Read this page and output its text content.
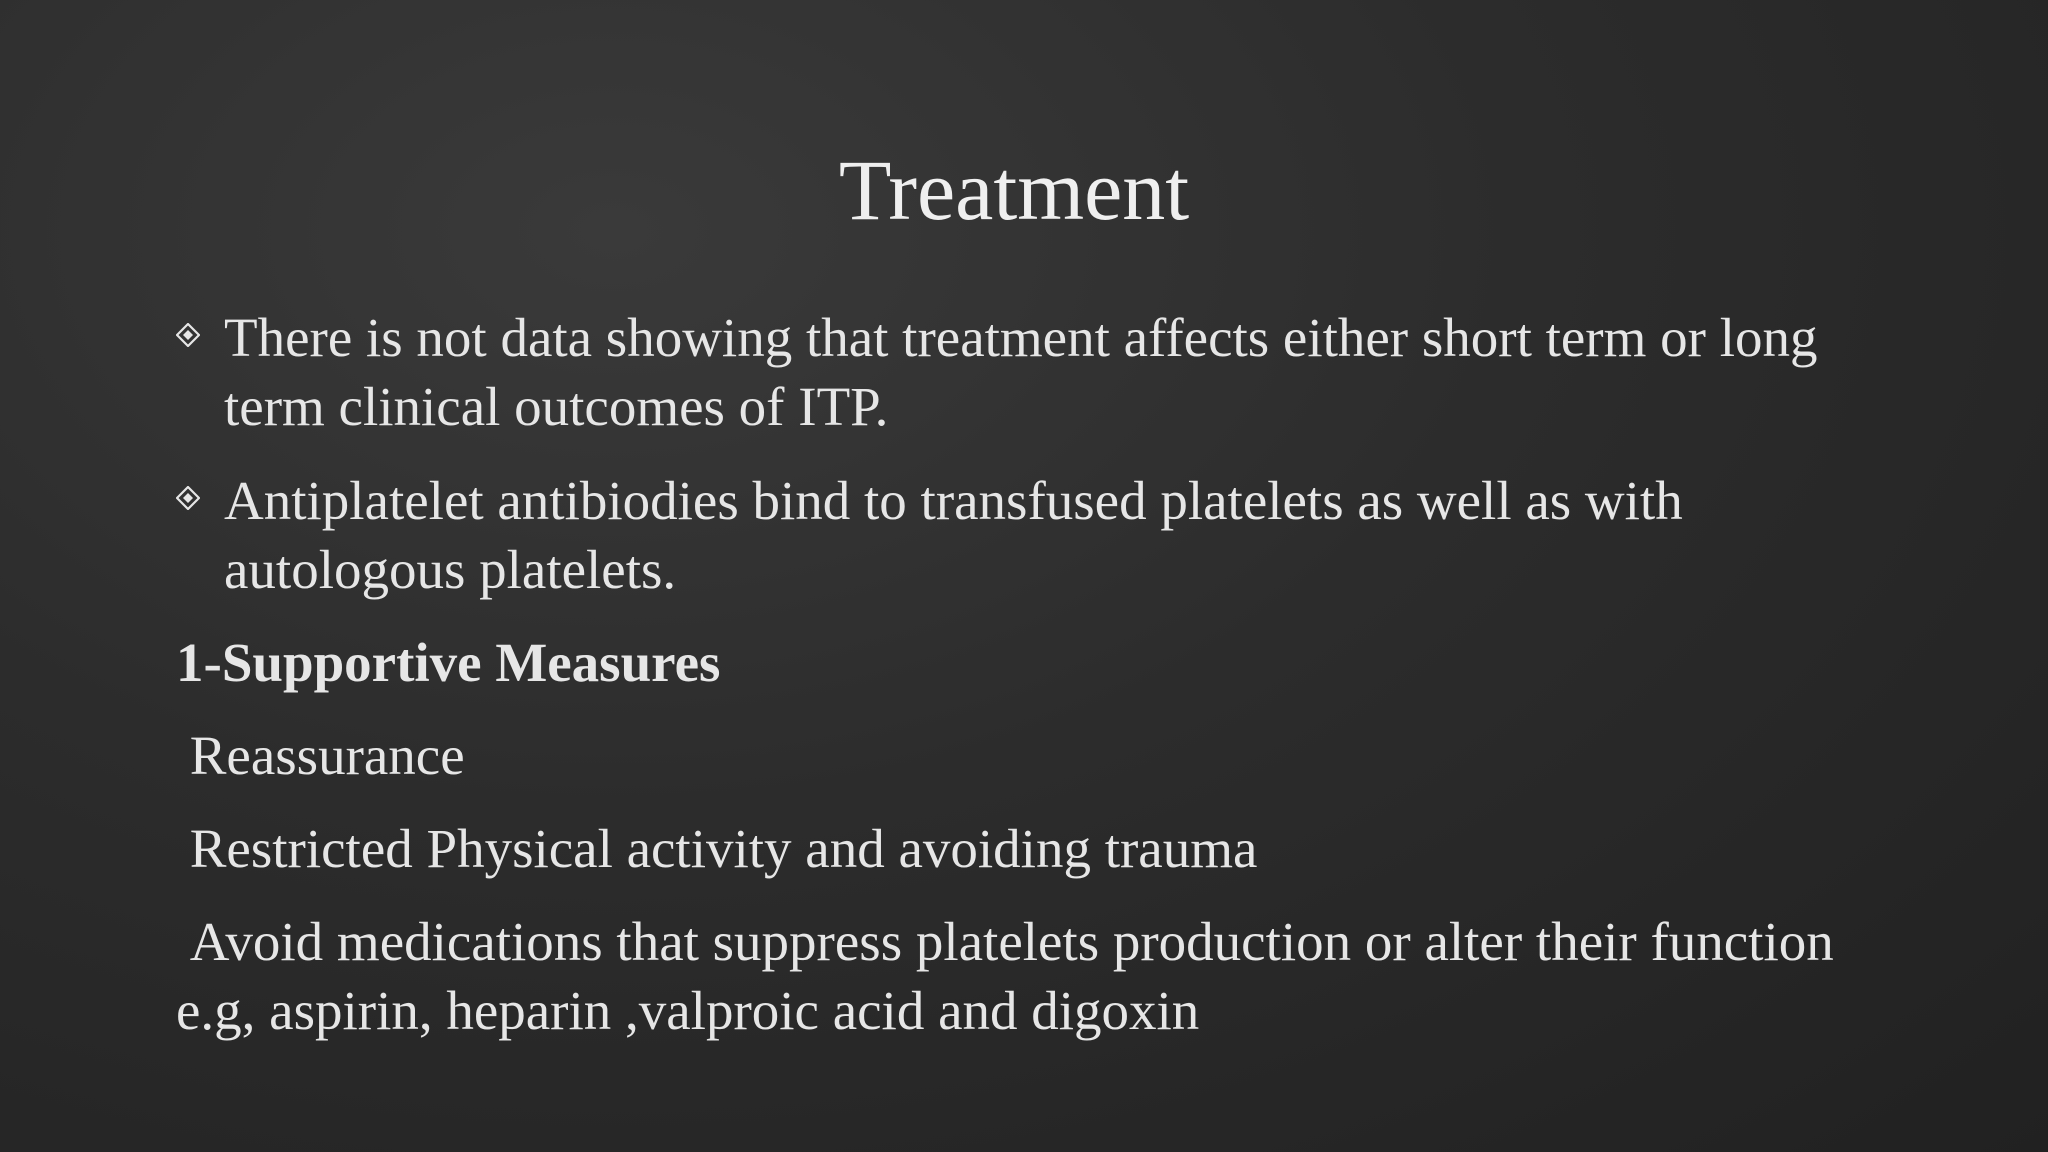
Treatment
There is not data showing that treatment affects either short term or long term clinical outcomes of ITP.
Antiplatelet antibiodies bind to transfused platelets as well as with autologous platelets.
1-Supportive Measures
Reassurance
Restricted Physical activity and avoiding trauma
Avoid medications that suppress platelets production or alter their function e.g, aspirin, heparin ,valproic acid and digoxin
